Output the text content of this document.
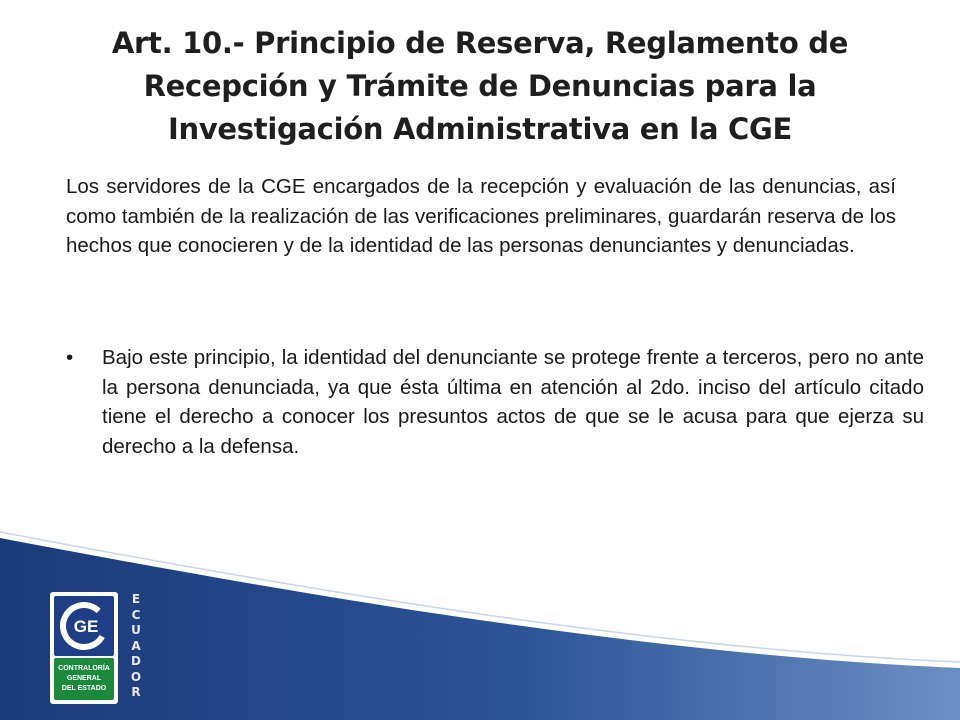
Art. 10.- Principio de Reserva, Reglamento de
Recepción y Trámite de Denuncias para la
Investigación Administrativa en la CGE

Los servidores de la CGE encargados de la recepción y evaluación de las denuncias, así como también de la realización de las verificaciones preliminares, guardarán reserva de los hechos que conocieren y de la identidad de las personas denunciantes y denunciadas.

•	Bajo este principio, la identidad del denunciante se protege frente a terceros, pero no ante la persona denunciada, ya que ésta última en atención al 2do. inciso del artículo citado tiene el derecho a conocer los presuntos actos de que se le acusa para que ejerza su derecho a la defensa.

GE
CONTRALORÍA
GENERAL
DEL ESTADO
E
C
U
A
D
O
R
